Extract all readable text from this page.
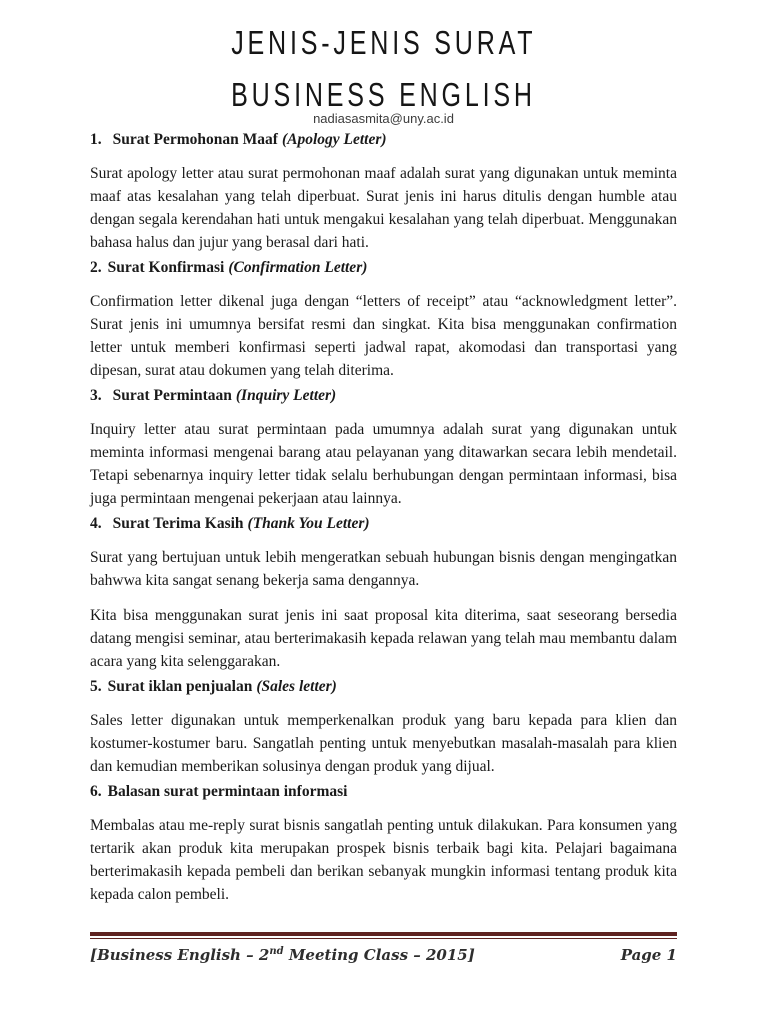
JENIS-JENIS SURAT
BUSINESS ENGLISH
nadiasasmita@uny.ac.id
1. Surat Permohonan Maaf (Apology Letter)

Surat apology letter atau surat permohonan maaf adalah surat yang digunakan untuk meminta maaf atas kesalahan yang telah diperbuat. Surat jenis ini harus ditulis dengan humble atau dengan segala kerendahan hati untuk mengakui kesalahan yang telah diperbuat. Menggunakan bahasa halus dan jujur yang berasal dari hati.

2. Surat Konfirmasi (Confirmation Letter)

Confirmation letter dikenal juga dengan “letters of receipt” atau “acknowledgment letter”. Surat jenis ini umumnya bersifat resmi dan singkat. Kita bisa menggunakan confirmation letter untuk memberi konfirmasi seperti jadwal rapat, akomodasi dan transportasi yang dipesan, surat atau dokumen yang telah diterima.

3. Surat Permintaan (Inquiry Letter)

Inquiry letter atau surat permintaan pada umumnya adalah surat yang digunakan untuk meminta informasi mengenai barang atau pelayanan yang ditawarkan secara lebih mendetail. Tetapi sebenarnya inquiry letter tidak selalu berhubungan dengan permintaan informasi, bisa juga permintaan mengenai pekerjaan atau lainnya.

4. Surat Terima Kasih (Thank You Letter)

Surat yang bertujuan untuk lebih mengeratkan sebuah hubungan bisnis dengan mengingatkan bahwwa kita sangat senang bekerja sama dengannya.

Kita bisa menggunakan surat jenis ini saat proposal kita diterima, saat seseorang bersedia datang mengisi seminar, atau berterimakasih kepada relawan yang telah mau membantu dalam acara yang kita selenggarakan.

5. Surat iklan penjualan (Sales letter)

Sales letter digunakan untuk memperkenalkan produk yang baru kepada para klien dan kostumer-kostumer baru. Sangatlah penting untuk menyebutkan masalah-masalah para klien dan kemudian memberikan solusinya dengan produk yang dijual.

6. Balasan surat permintaan informasi

Membalas atau me-reply surat bisnis sangatlah penting untuk dilakukan. Para konsumen yang tertarik akan produk kita merupakan prospek bisnis terbaik bagi kita. Pelajari bagaimana berterimakasih kepada pembeli dan berikan sebanyak mungkin informasi tentang produk kita kepada calon pembeli.

[Business English – 2nd Meeting Class – 2015]	Page 1
